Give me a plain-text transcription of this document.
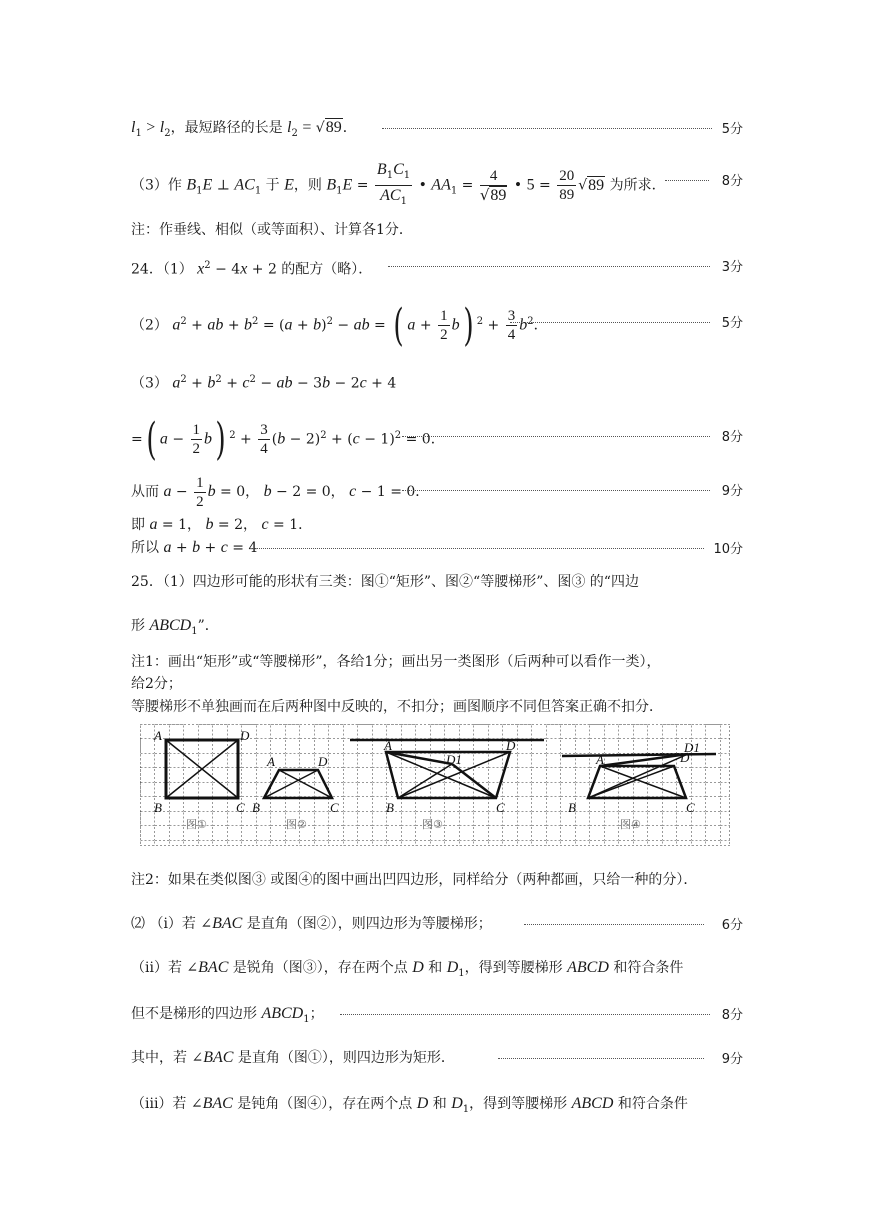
$l_1 > l_2$，最短路径的长是 $l_2 = √89$．	5分
（3）作 $B_1E$ ⊥ $AC_1$ 于 E，则 $B_1E = \frac{B_1C_1}{AC_1}$ • $AA_1 = \frac{4}{√89}$ • $5 = \frac{20}{89} √89$ 为所求．	8分
注：作垂线、相似（或等面积）、计算各1分．
24．（1） $x^2 - 4x + 2$ 的配方（略）．	3分
（2） $a^2$ + ab + $b^2 = (a + b)^2$ − ab = ( $a + \frac{1}{2} b$) $^2 + \frac{3}{4} b^2$．	5分
（3） $a^2 + b^2 + c^2$ − ab − 3b − 2c + 4
=( $a - \frac{1}{2} b$) $^2 + \frac{3}{4} (b - 2)^2 + (c - 1)^2 = 0$．	8分
从而 $a - \frac{1}{2}$ b = 0， b − 2 = 0， c − 1 = 0．	9分
即 a = 1， b = 2， c = 1．
所以 a + b + c = 4	10分
25．（1）四边形可能的形状有三类：图①“矩形”、图②“等腰梯形”、图③ 的“四边
形 $ABCD_1$”．
注1：画出“矩形”或“等腰梯形”，各给1分；画出另一类图形（后两种可以看作一类），
给2分；
等腰梯形不单独画而在后两种图中反映的，不扣分；画图顺序不同但答案正确不扣分．
A	D
B	C
A	D
B	C
A	D
D1
B	C
A	D
D1
B	C
图①	图②	图③	图④
注2：如果在类似图③ 或图④的图中画出凹四边形，同样给分（两种都画，只给一种的分）．
⑵ （i）若 ∠BAC 是直角（图②），则四边形为等腰梯形；	6分
（ii）若 ∠BAC 是锐角（图③），存在两个点 D 和 $D_1$，得到等腰梯形 ABCD 和符合条件
但不是梯形的四边形 $ABCD_1$；	8分
其中，若 ∠BAC 是直角（图①），则四边形为矩形．	9分
（iii）若 ∠BAC 是钝角（图④），存在两个点 D 和 $D_1$，得到等腰梯形 ABCD 和符合条件
